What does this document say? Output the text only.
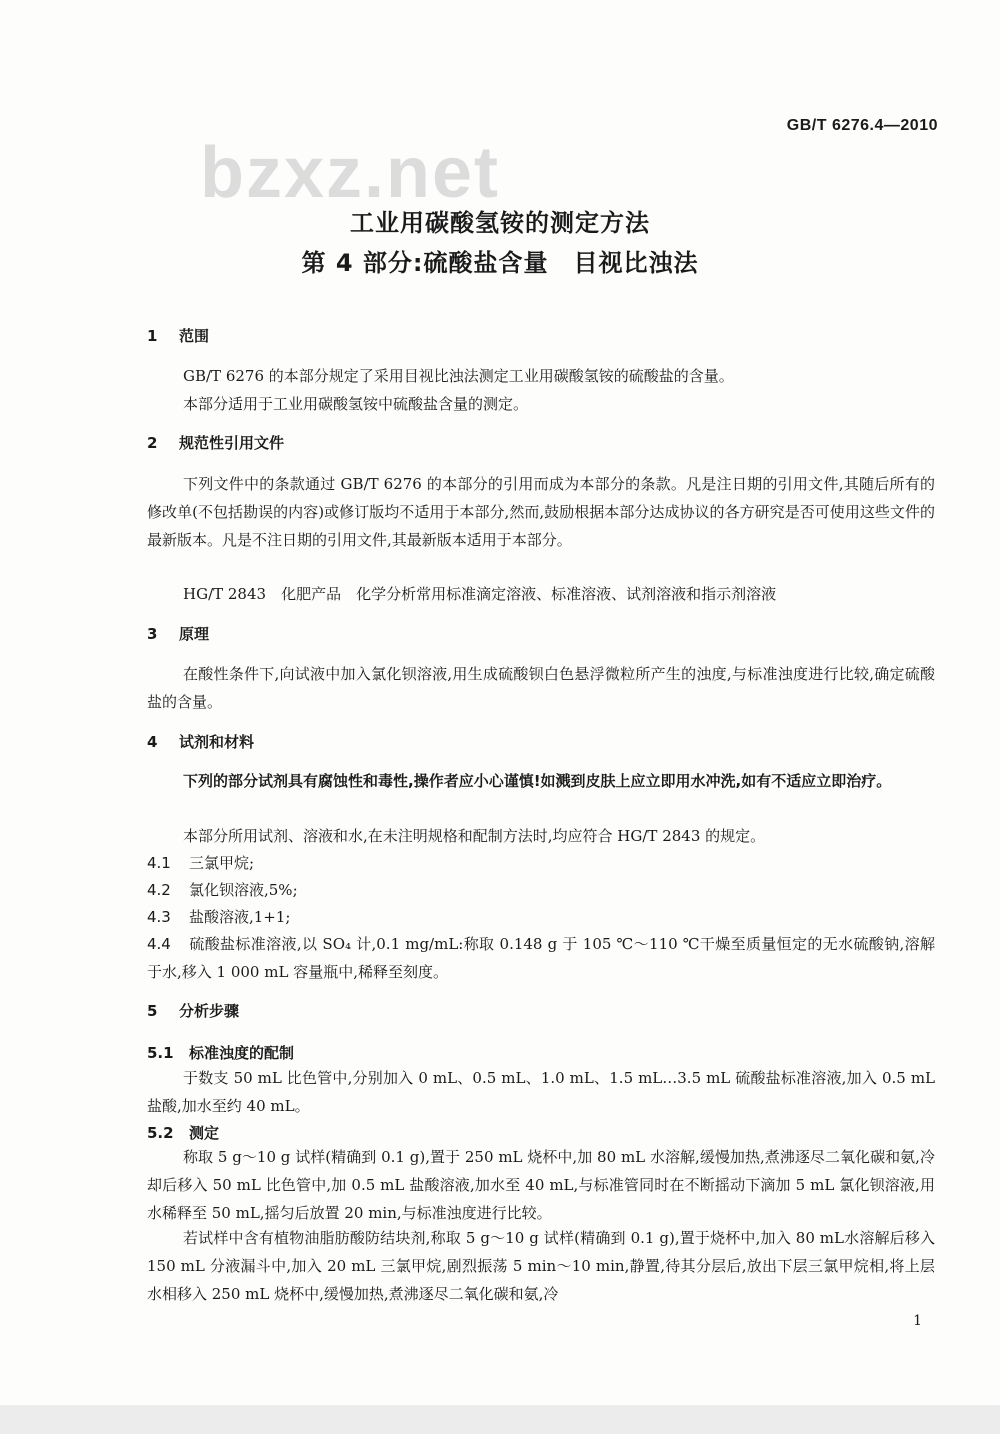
GB/T 6276.4—2010
bzxz.net
工业用碳酸氢铵的测定方法
第 4 部分:硫酸盐含量　目视比浊法
1 范围

GB/T 6276 的本部分规定了采用目视比浊法测定工业用碳酸氢铵的硫酸盐的含量。

本部分适用于工业用碳酸氢铵中硫酸盐含量的测定。

2 规范性引用文件

下列文件中的条款通过 GB/T 6276 的本部分的引用而成为本部分的条款。凡是注日期的引用文件,其随后所有的修改单(不包括勘误的内容)或修订版均不适用于本部分,然而,鼓励根据本部分达成协议的各方研究是否可使用这些文件的最新版本。凡是不注日期的引用文件,其最新版本适用于本部分。

HG/T 2843　化肥产品　化学分析常用标准滴定溶液、标准溶液、试剂溶液和指示剂溶液
3 原理

在酸性条件下,向试液中加入氯化钡溶液,用生成硫酸钡白色悬浮微粒所产生的浊度,与标准浊度进行比较,确定硫酸盐的含量。

4 试剂和材料

下列的部分试剂具有腐蚀性和毒性,操作者应小心谨慎!如溅到皮肤上应立即用水冲洗,如有不适应立即治疗。

本部分所用试剂、溶液和水,在未注明规格和配制方法时,均应符合 HG/T 2843 的规定。

4.1 三氯甲烷;

4.2 氯化钡溶液,5%;

4.3 盐酸溶液,1+1;

4.4 硫酸盐标准溶液,以 SO₄ 计,0.1 mg/mL:称取 0.148 g 于 105 ℃～110 ℃干燥至质量恒定的无水硫酸钠,溶解于水,移入 1 000 mL 容量瓶中,稀释至刻度。

5 分析步骤
5.1 标准浊度的配制

于数支 50 mL 比色管中,分别加入 0 mL、0.5 mL、1.0 mL、1.5 mL…3.5 mL 硫酸盐标准溶液,加入 0.5 mL 盐酸,加水至约 40 mL。

5.2 测定

称取 5 g～10 g 试样(精确到 0.1 g),置于 250 mL 烧杯中,加 80 mL 水溶解,缓慢加热,煮沸逐尽二氧化碳和氨,冷却后移入 50 mL 比色管中,加 0.5 mL 盐酸溶液,加水至 40 mL,与标准管同时在不断摇动下滴加 5 mL 氯化钡溶液,用水稀释至 50 mL,摇匀后放置 20 min,与标准浊度进行比较。

若试样中含有植物油脂肪酸防结块剂,称取 5 g～10 g 试样(精确到 0.1 g),置于烧杯中,加入 80 mL水溶解后移入 150 mL 分液漏斗中,加入 20 mL 三氯甲烷,剧烈振荡 5 min～10 min,静置,待其分层后,放出下层三氯甲烷相,将上层水相移入 250 mL 烧杯中,缓慢加热,煮沸逐尽二氧化碳和氨,冷

1
